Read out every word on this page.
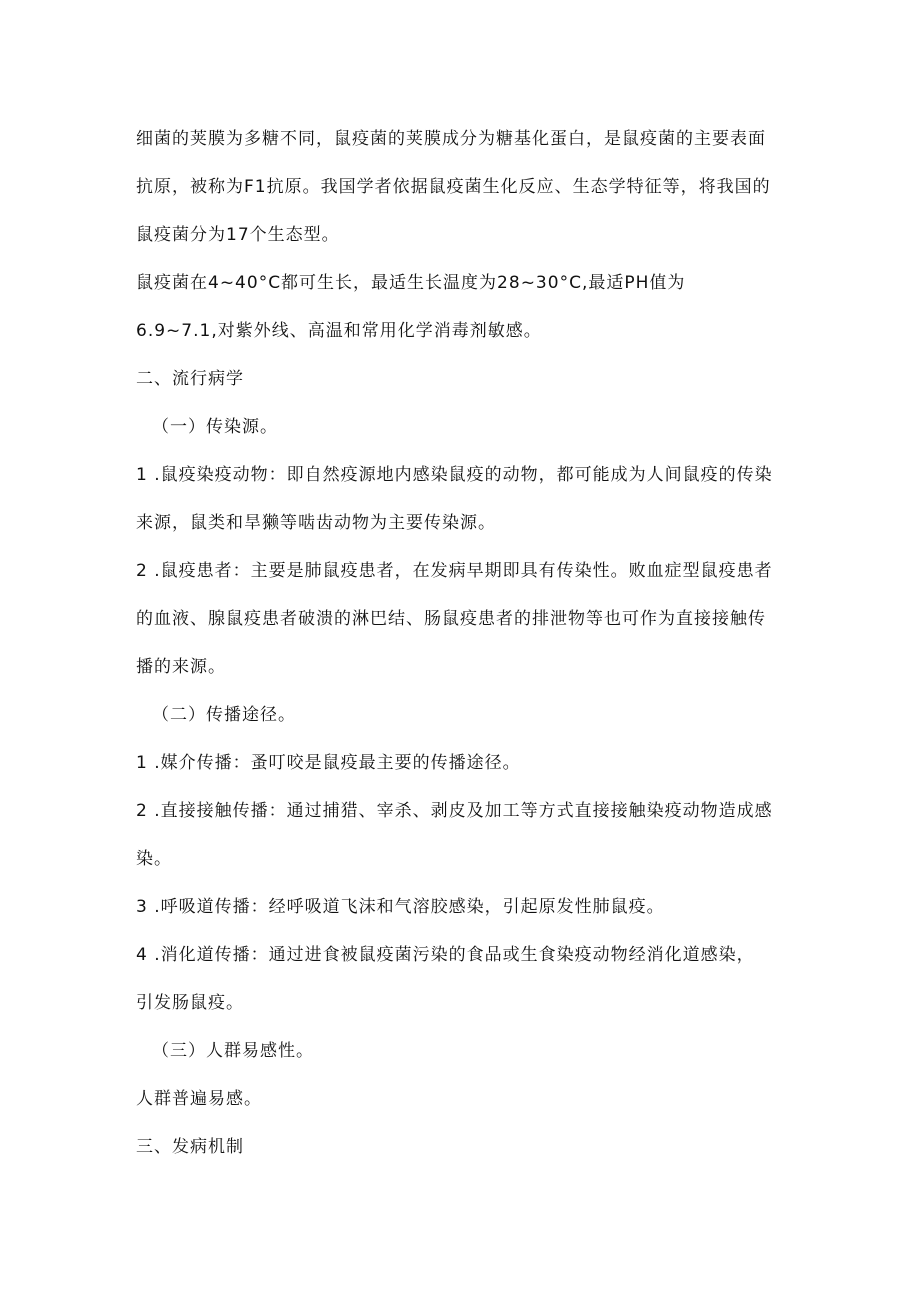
细菌的荚膜为多糖不同，鼠疫菌的荚膜成分为糖基化蛋白，是鼠疫菌的主要表面
抗原，被称为F1抗原。我国学者依据鼠疫菌生化反应、生态学特征等，将我国的
鼠疫菌分为17个生态型。
鼠疫菌在4~40°C都可生长，最适生长温度为28~30°C,最适PH值为
6.9~7.1,对紫外线、高温和常用化学消毒剂敏感。
二、流行病学
（一）传染源。
1 .鼠疫染疫动物：即自然疫源地内感染鼠疫的动物，都可能成为人间鼠疫的传染
来源，鼠类和旱獭等啮齿动物为主要传染源。
2 .鼠疫患者：主要是肺鼠疫患者，在发病早期即具有传染性。败血症型鼠疫患者
的血液、腺鼠疫患者破溃的淋巴结、肠鼠疫患者的排泄物等也可作为直接接触传
播的来源。
（二）传播途径。
1 .媒介传播：蚤叮咬是鼠疫最主要的传播途径。
2 .直接接触传播：通过捕猎、宰杀、剥皮及加工等方式直接接触染疫动物造成感
染。
3 .呼吸道传播：经呼吸道飞沫和气溶胶感染，引起原发性肺鼠疫。
4 .消化道传播：通过进食被鼠疫菌污染的食品或生食染疫动物经消化道感染，
引发肠鼠疫。
（三）人群易感性。
人群普遍易感。
三、发病机制
